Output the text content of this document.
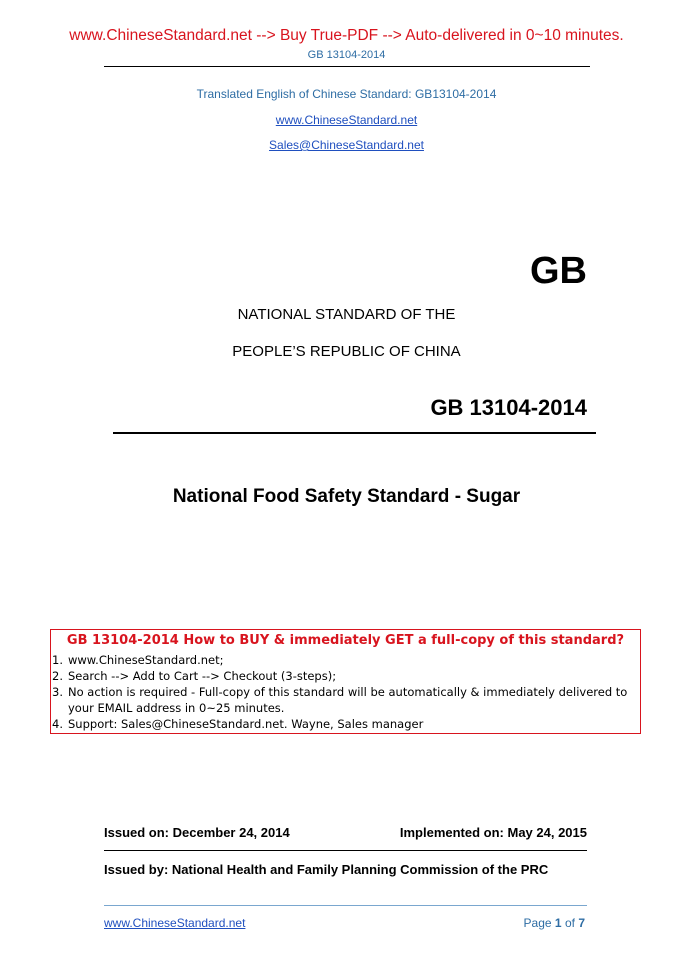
www.ChineseStandard.net --> Buy True-PDF --> Auto-delivered in 0~10 minutes.
GB 13104-2014
Translated English of Chinese Standard: GB13104-2014
www.ChineseStandard.net
Sales@ChineseStandard.net
GB
NATIONAL STANDARD OF THE
PEOPLE’S REPUBLIC OF CHINA
GB 13104-2014
National Food Safety Standard - Sugar
GB 13104-2014 How to BUY & immediately GET a full-copy of this standard?
1. www.ChineseStandard.net;
2. Search --> Add to Cart --> Checkout (3-steps);
3. No action is required - Full-copy of this standard will be automatically & immediately delivered to your EMAIL address in 0~25 minutes.
4. Support: Sales@ChineseStandard.net. Wayne, Sales manager
Issued on: December 24, 2014	Implemented on: May 24, 2015
Issued by: National Health and Family Planning Commission of the PRC
www.ChineseStandard.net	Page 1 of 7
